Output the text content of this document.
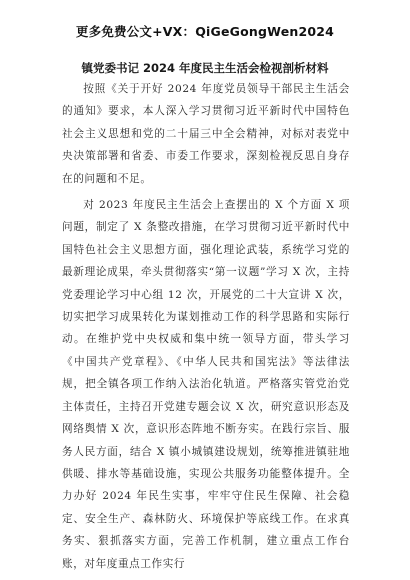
更多免费公文+VX：QiGeGongWen2024
镇党委书记 2024 年度民主生活会检视剖析材料

按照《关于开好 2024 年度党员领导干部民主生活会的通知》要求，本人深入学习贯彻习近平新时代中国特色社会主义思想和党的二十届三中全会精神，对标对表党中央决策部署和省委、市委工作要求，深刻检视反思自身存在的问题和不足。

对 2023 年度民主生活会上查摆出的 X 个方面 X 项问题，制定了 X 条整改措施，在学习贯彻习近平新时代中国特色社会主义思想方面，强化理论武装，系统学习党的最新理论成果，牵头贯彻落实“第一议题”学习 X 次，主持党委理论学习中心组 12 次，开展党的二十大宣讲 X 次，切实把学习成果转化为谋划推动工作的科学思路和实际行动。在维护党中央权威和集中统一领导方面，带头学习《中国共产党章程》、《中华人民共和国宪法》等法律法规，把全镇各项工作纳入法治化轨道。严格落实管党治党主体责任，主持召开党建专题会议 X 次，研究意识形态及网络舆情 X 次，意识形态阵地不断夯实。在践行宗旨、服务人民方面，结合 X 镇小城镇建设规划，统筹推进镇驻地供暖、排水等基础设施，实现公共服务功能整体提升。全力办好 2024 年民生实事，牢牢守住民生保障、社会稳定、安全生产、森林防火、环境保护等底线工作。在求真务实、狠抓落实方面，完善工作机制，建立重点工作台账，对年度重点工作实行
